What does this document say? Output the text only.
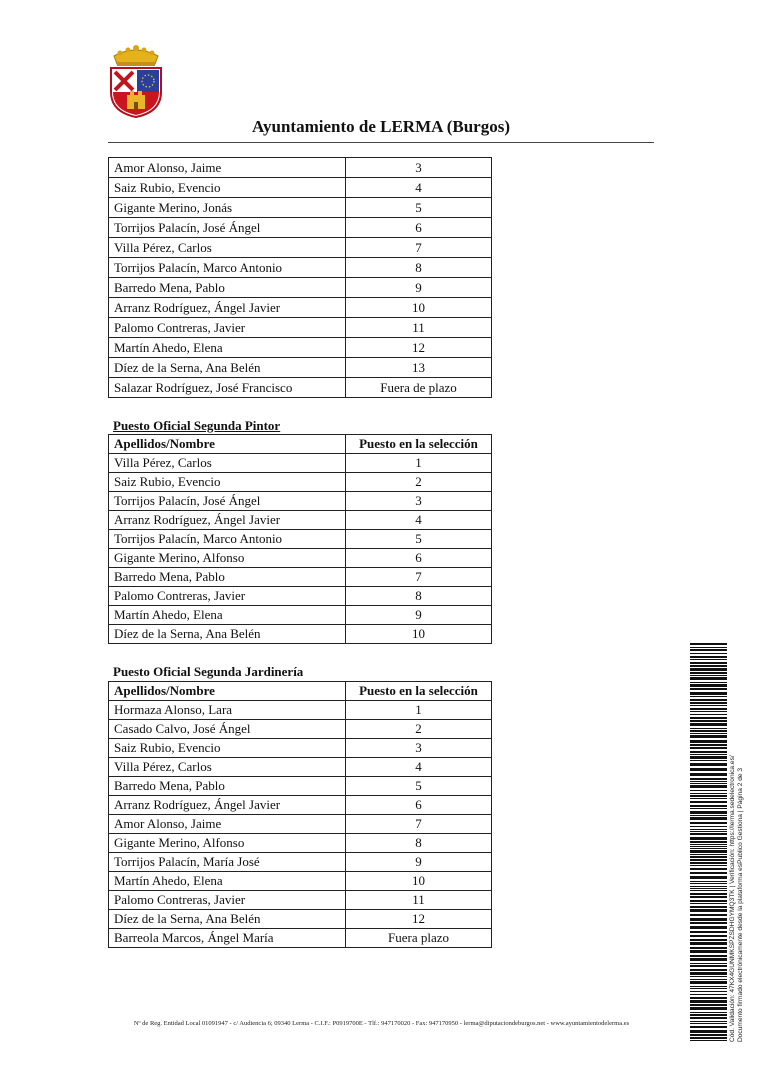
Ayuntamiento de LERMA (Burgos)
Amor Alonso, Jaime	3
Saiz Rubio, Evencio	4
Gigante Merino, Jonás	5
Torrijos Palacín, José Ángel	6
Villa Pérez, Carlos	7
Torrijos Palacín, Marco Antonio	8
Barredo Mena, Pablo	9
Arranz Rodríguez, Ángel Javier	10
Palomo Contreras, Javier	11
Martín Ahedo, Elena	12
Díez de la Serna, Ana Belén	13
Salazar Rodríguez, José Francisco	Fuera de plazo
Puesto Oficial Segunda Pintor
Apellidos/Nombre	Puesto en la selección
Villa Pérez, Carlos	1
Saiz Rubio, Evencio	2
Torrijos Palacín, José Ángel	3
Arranz Rodríguez, Ángel Javier	4
Torrijos Palacín, Marco Antonio	5
Gigante Merino, Alfonso	6
Barredo Mena, Pablo	7
Palomo Contreras, Javier	8
Martín Ahedo, Elena	9
Díez de la Serna, Ana Belén	10
Puesto Oficial Segunda Jardinería
Apellidos/Nombre	Puesto en la selección
Hormaza Alonso, Lara	1
Casado Calvo, José Ángel	2
Saiz Rubio, Evencio	3
Villa Pérez, Carlos	4
Barredo Mena, Pablo	5
Arranz Rodríguez, Ángel Javier	6
Amor Alonso, Jaime	7
Gigante Merino, Alfonso	8
Torrijos Palacín, María José	9
Martín Ahedo, Elena	10
Palomo Contreras, Javier	11
Díez de la Serna, Ana Belén	12
Barreola Marcos, Ángel María	Fuera plazo	Cód. Validación: 47KX4GUNMKSPZSDHGYMQ3TK | Verificación: https://lerma.sedelectronica.es/ Documento firmado electrónicamente desde la plataforma esPublico Gestiona | Página 2 de 3
Nº de Reg. Entidad Local 01091947 - c/ Audiencia 6; 09340 Lerma - C.I.F.: P0919700E - Tlf.: 947170020 - Fax: 947170950 - lerma@diputaciondeburgos.net - www.ayuntamientodelerma.es
